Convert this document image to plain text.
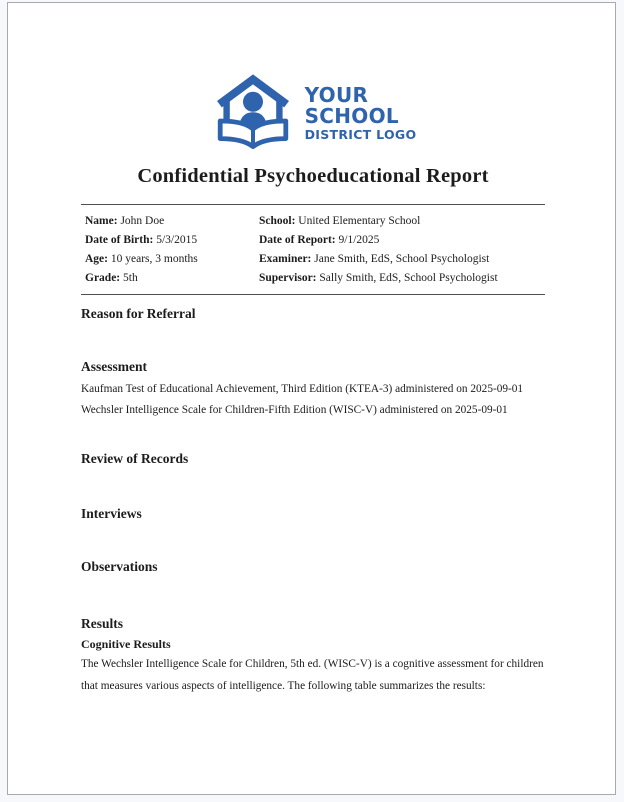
YOUR
SCHOOL
DISTRICT LOGO
Confidential Psychoeducational Report
Name: John Doe
Date of Birth: 5/3/2015
Age: 10 years, 3 months
Grade: 5th
School: United Elementary School
Date of Report: 9/1/2025
Examiner: Jane Smith, EdS, School Psychologist
Supervisor: Sally Smith, EdS, School Psychologist
Reason for Referral
Assessment
Kaufman Test of Educational Achievement, Third Edition (KTEA-3) administered on 2025-09-01
Wechsler Intelligence Scale for Children-Fifth Edition (WISC-V) administered on 2025-09-01
Review of Records
Interviews
Observations
Results
Cognitive Results

The Wechsler Intelligence Scale for Children, 5th ed. (WISC-V) is a cognitive assessment for children that measures various aspects of intelligence. The following table summarizes the results:
